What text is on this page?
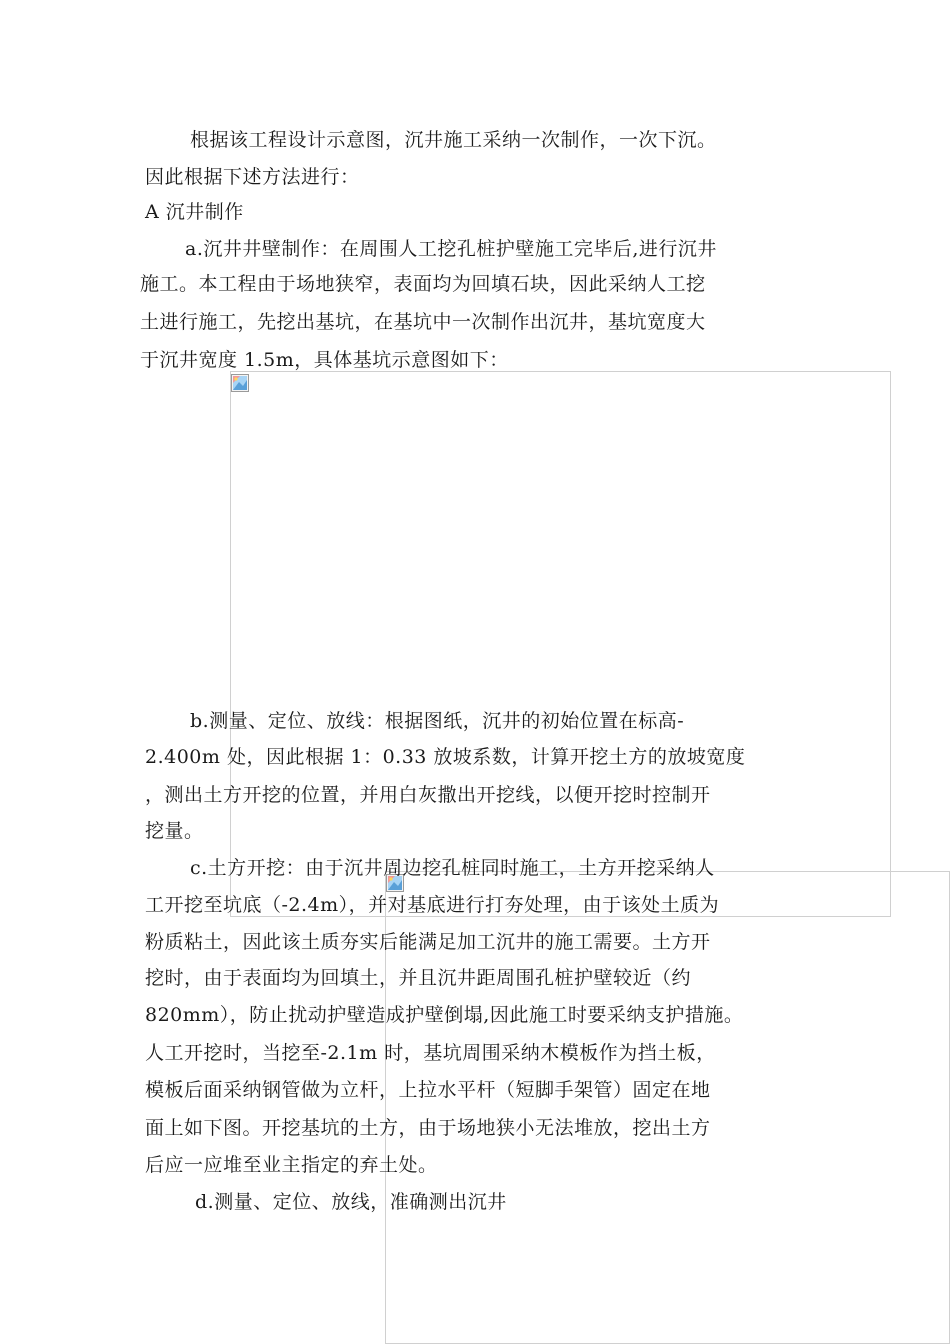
根据该工程设计示意图，沉井施工采纳一次制作，一次下沉。
因此根据下述方法进行：
A 沉井制作
a.沉井井壁制作：在周围人工挖孔桩护壁施工完毕后,进行沉井
施工。本工程由于场地狭窄，表面均为回填石块，因此采纳人工挖
土进行施工，先挖出基坑，在基坑中一次制作出沉井，基坑宽度大
于沉井宽度 1.5m，具体基坑示意图如下：
b.测量、定位、放线：根据图纸，沉井的初始位置在标高-
2.400m 处，因此根据 1：0.33 放坡系数，计算开挖土方的放坡宽度
，测出土方开挖的位置，并用白灰撒出开挖线，以便开挖时控制开
挖量。
c.土方开挖：由于沉井周边挖孔桩同时施工，土方开挖采纳人
工开挖至坑底（-2.4m），并对基底进行打夯处理，由于该处土质为
粉质粘土，因此该土质夯实后能满足加工沉井的施工需要。土方开
挖时，由于表面均为回填土，并且沉井距周围孔桩护壁较近（约
820mm），防止扰动护壁造成护壁倒塌,因此施工时要采纳支护措施。
人工开挖时，当挖至-2.1m 时，基坑周围采纳木模板作为挡土板，
模板后面采纳钢管做为立杆，上拉水平杆（短脚手架管）固定在地
面上如下图。开挖基坑的土方，由于场地狭小无法堆放，挖出土方
后应一应堆至业主指定的弃土处。
d.测量、定位、放线，准确测出沉井
